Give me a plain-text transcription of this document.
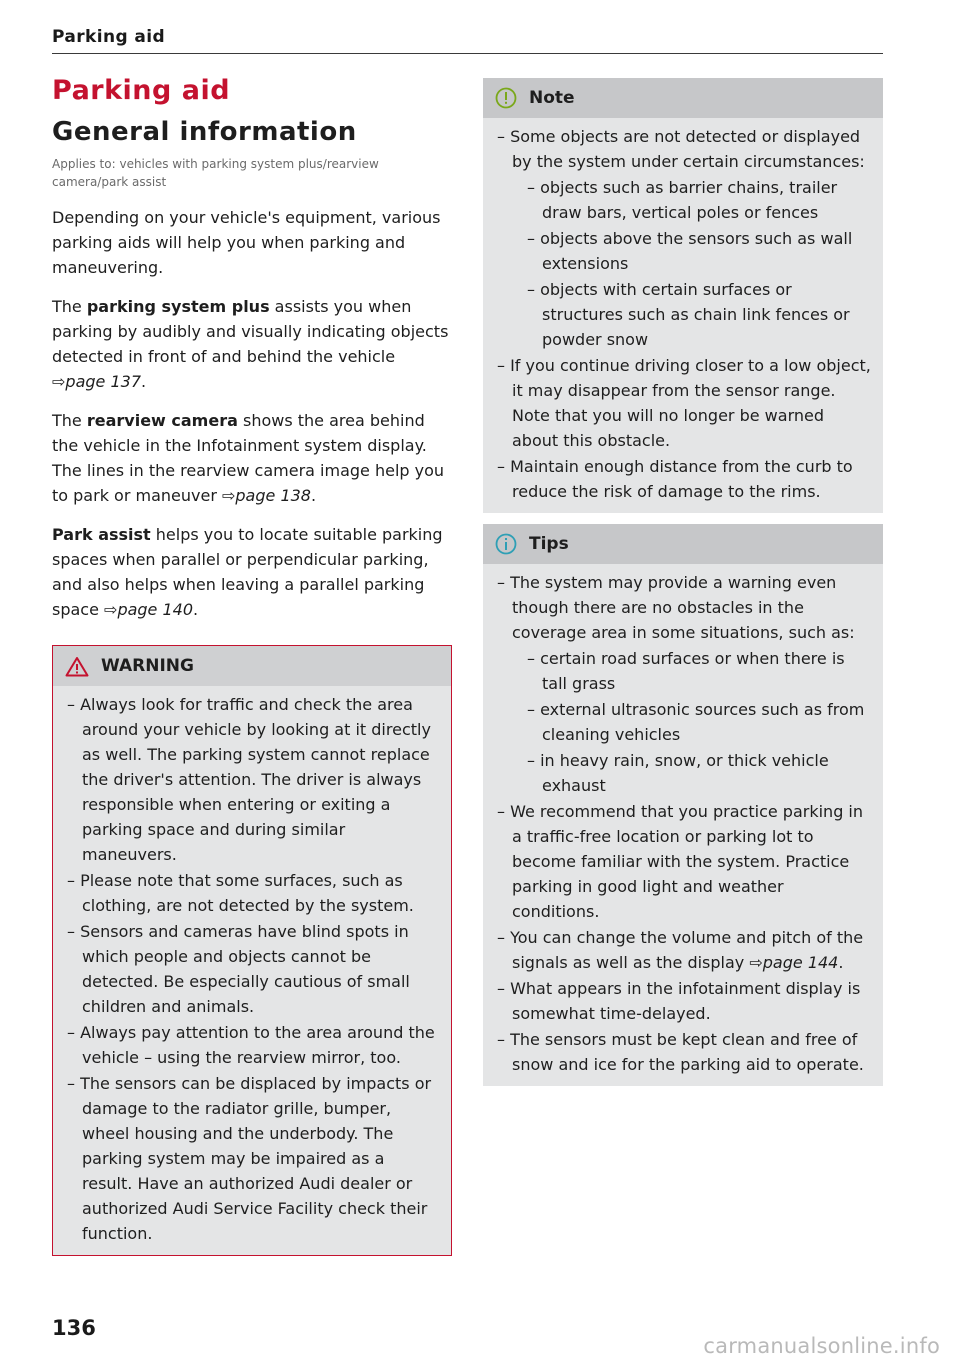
Parking aid
Parking aid
General information
Applies to: vehicles with parking system plus/rearview camera/park assist

Depending on your vehicle's equipment, various parking aids will help you when parking and maneuvering.

The parking system plus assists you when parking by audibly and visually indicating objects detected in front of and behind the vehicle ⇨page 137.

The rearview camera shows the area behind the vehicle in the Infotainment system display. The lines in the rearview camera image help you to park or maneuver ⇨page 138.

Park assist helps you to locate suitable parking spaces when parallel or perpendicular parking, and also helps when leaving a parallel parking space ⇨page 140.

WARNING
– Always look for traffic and check the area around your vehicle by looking at it directly as well. The parking system cannot replace the driver's attention. The driver is always responsible when entering or exiting a parking space and during similar maneuvers.
– Please note that some surfaces, such as clothing, are not detected by the system.
– Sensors and cameras have blind spots in which people and objects cannot be detected. Be especially cautious of small children and animals.
– Always pay attention to the area around the vehicle – using the rearview mirror, too.
– The sensors can be displaced by impacts or damage to the radiator grille, bumper, wheel housing and the underbody. The parking system may be impaired as a result. Have an authorized Audi dealer or authorized Audi Service Facility check their function.
Note
– Some objects are not detected or displayed by the system under certain circumstances:
– objects such as barrier chains, trailer draw bars, vertical poles or fences
– objects above the sensors such as wall extensions
– objects with certain surfaces or structures such as chain link fences or powder snow
– If you continue driving closer to a low object, it may disappear from the sensor range. Note that you will no longer be warned about this obstacle.
– Maintain enough distance from the curb to reduce the risk of damage to the rims.
Tips
– The system may provide a warning even though there are no obstacles in the coverage area in some situations, such as:
– certain road surfaces or when there is tall grass
– external ultrasonic sources such as from cleaning vehicles
– in heavy rain, snow, or thick vehicle exhaust
– We recommend that you practice parking in a traffic-free location or parking lot to become familiar with the system. Practice parking in good light and weather conditions.
– You can change the volume and pitch of the signals as well as the display ⇨page 144.
– What appears in the infotainment display is somewhat time-delayed.
– The sensors must be kept clean and free of snow and ice for the parking aid to operate.
136
carmanualsonline.info
